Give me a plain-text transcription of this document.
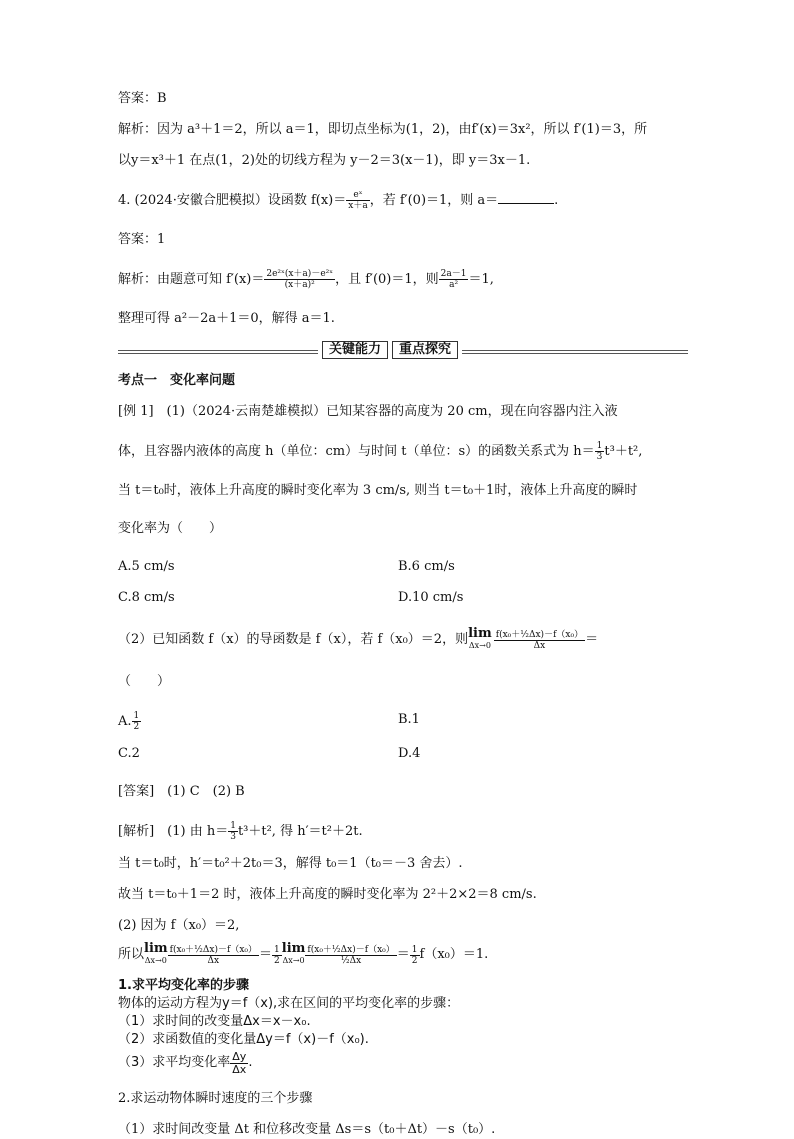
答案：B
解析：因为 a³＋1＝2，所以 a＝1，即切点坐标为(1，2)，由f′(x)＝3x²，所以 f′(1)＝3，所
以y＝x³＋1 在点(1，2)处的切线方程为 y－2＝3(x－1)，即 y＝3x－1.
4. (2024·安徽合肥模拟）设函数 $f(x)= \frac{\text{eˣ}}{x+a}$ ，若 f′(0)＝1，则 a＝	.
答案：1
解析：由题意可知 $f'(x)= \frac{\text{2e²ˣ(x＋a)－e²ˣ}}{\text{(x＋a)²}}$ ，且 f′(0)＝1，则 $\frac{2a-1}{\text{a²}} =1$,
整理可得 a²－2a＋1＝0，解得 a＝1.
关键能力	重点探究
考点一　变化率问题
[例 1]　(1)（2024·云南楚雄模拟）已知某容器的高度为 20 cm，现在向容器内注入液
体，且容器内液体的高度 h（单位：cm）与时间 t（单位：s）的函数关系式为 $h= \frac{1}{3} t^3+t^2$,
当 t＝t₀时，液体上升高度的瞬时变化率为 3 cm/s, 则当 t＝t₀＋1时，液体上升高度的瞬时
变化率为（　　）
A.5 cm/s	B.6 cm/s
C.8 cm/s	D.10 cm/s
（2）已知函数 f（x）的导函数是 f（x），若 f（x₀）＝2，则 lim
$\Delta x\to 0 \frac{\text{f(x₀＋½Δx)－f（x₀）}}{\Delta x}$ ＝
（　　）
A. $\frac{1}{2}$	B.1
C.2	D.4
[答案]　(1) C　(2) B
[解析]　(1) 由 $h= \frac{1}{3} t^3+t^2$, 得 h′＝t²＋2t.
当 t＝t₀时，h′＝t₀²＋2t₀＝3，解得 t₀＝1（t₀＝－3 舍去）.
故当 t＝t₀＋1＝2 时，液体上升高度的瞬时变化率为 2²＋2×2＝8 cm/s.
(2) 因为 f（x₀）＝2,
所以 lim
$\Delta x\to 0 \frac{\text{f(x₀＋½Δx)－f（x₀）}}{\Delta x} = \frac{1}{2}$ lim
$\Delta x\to 0 \frac{\text{f(x₀＋½Δx)－f（x₀）}}{\text{½Δx}} = \frac{1}{2} f(x_0)=1$.
1.求平均变化率的步骤
物体的运动方程为y＝f（x),求在区间的平均变化率的步骤：
（1）求时间的改变量Δx＝x－x₀.
（2）求函数值的变化量Δy＝f（x)－f（x₀).
（3）求平均变化率 $\frac{\Delta y}{\Delta x}$ .
2.求运动物体瞬时速度的三个步骤
（1）求时间改变量 Δt 和位移改变量 Δs＝s（t₀＋Δt）－s（t₀）.
